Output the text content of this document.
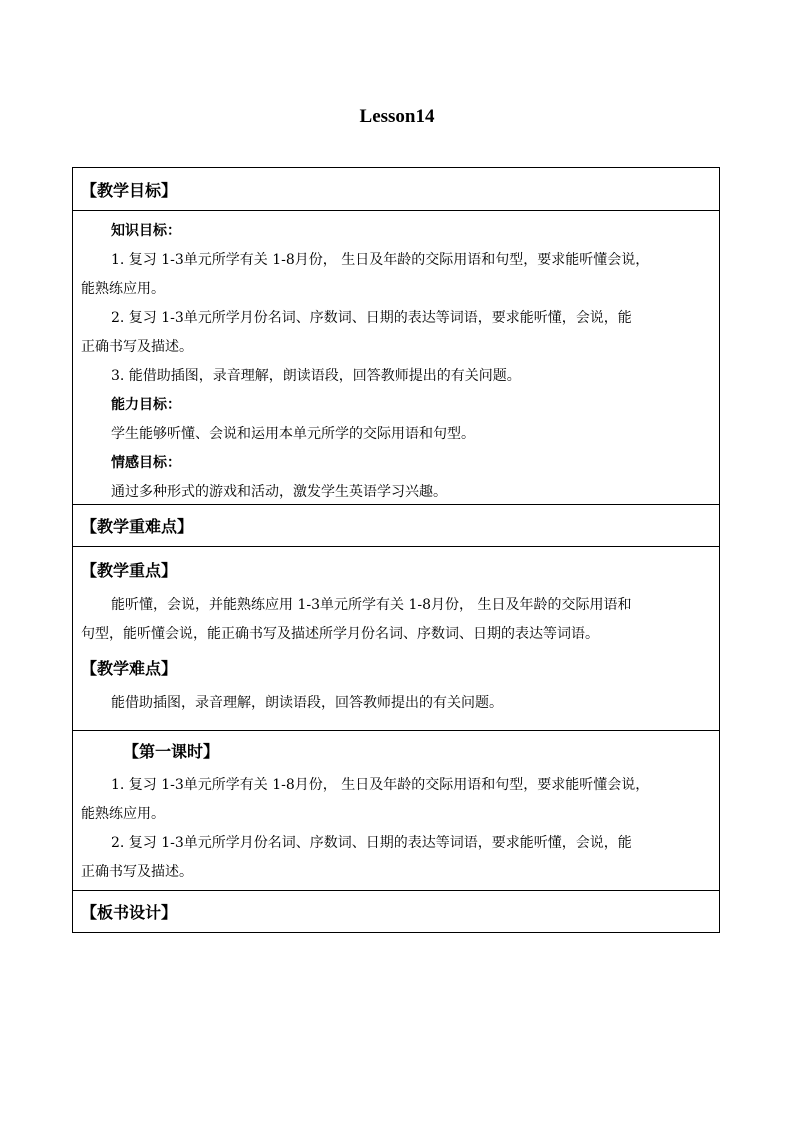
Lesson14
【教学目标】
知识目标：
1. 复习 1-3单元所学有关 1-8月份， 生日及年龄的交际用语和句型，要求能听懂会说，
能熟练应用。
2. 复习 1-3单元所学月份名词、序数词、日期的表达等词语，要求能听懂，会说，能
正确书写及描述。
3. 能借助插图，录音理解，朗读语段，回答教师提出的有关问题。
能力目标：
学生能够听懂、会说和运用本单元所学的交际用语和句型。
情感目标：
通过多种形式的游戏和活动，激发学生英语学习兴趣。
【教学重难点】
【教学重点】
能听懂，会说，并能熟练应用 1-3单元所学有关 1-8月份， 生日及年龄的交际用语和
句型，能听懂会说，能正确书写及描述所学月份名词、序数词、日期的表达等词语。
【教学难点】
能借助插图，录音理解，朗读语段，回答教师提出的有关问题。
【第一课时】
1. 复习 1-3单元所学有关 1-8月份， 生日及年龄的交际用语和句型，要求能听懂会说，
能熟练应用。
2. 复习 1-3单元所学月份名词、序数词、日期的表达等词语，要求能听懂，会说，能
正确书写及描述。
【板书设计】
